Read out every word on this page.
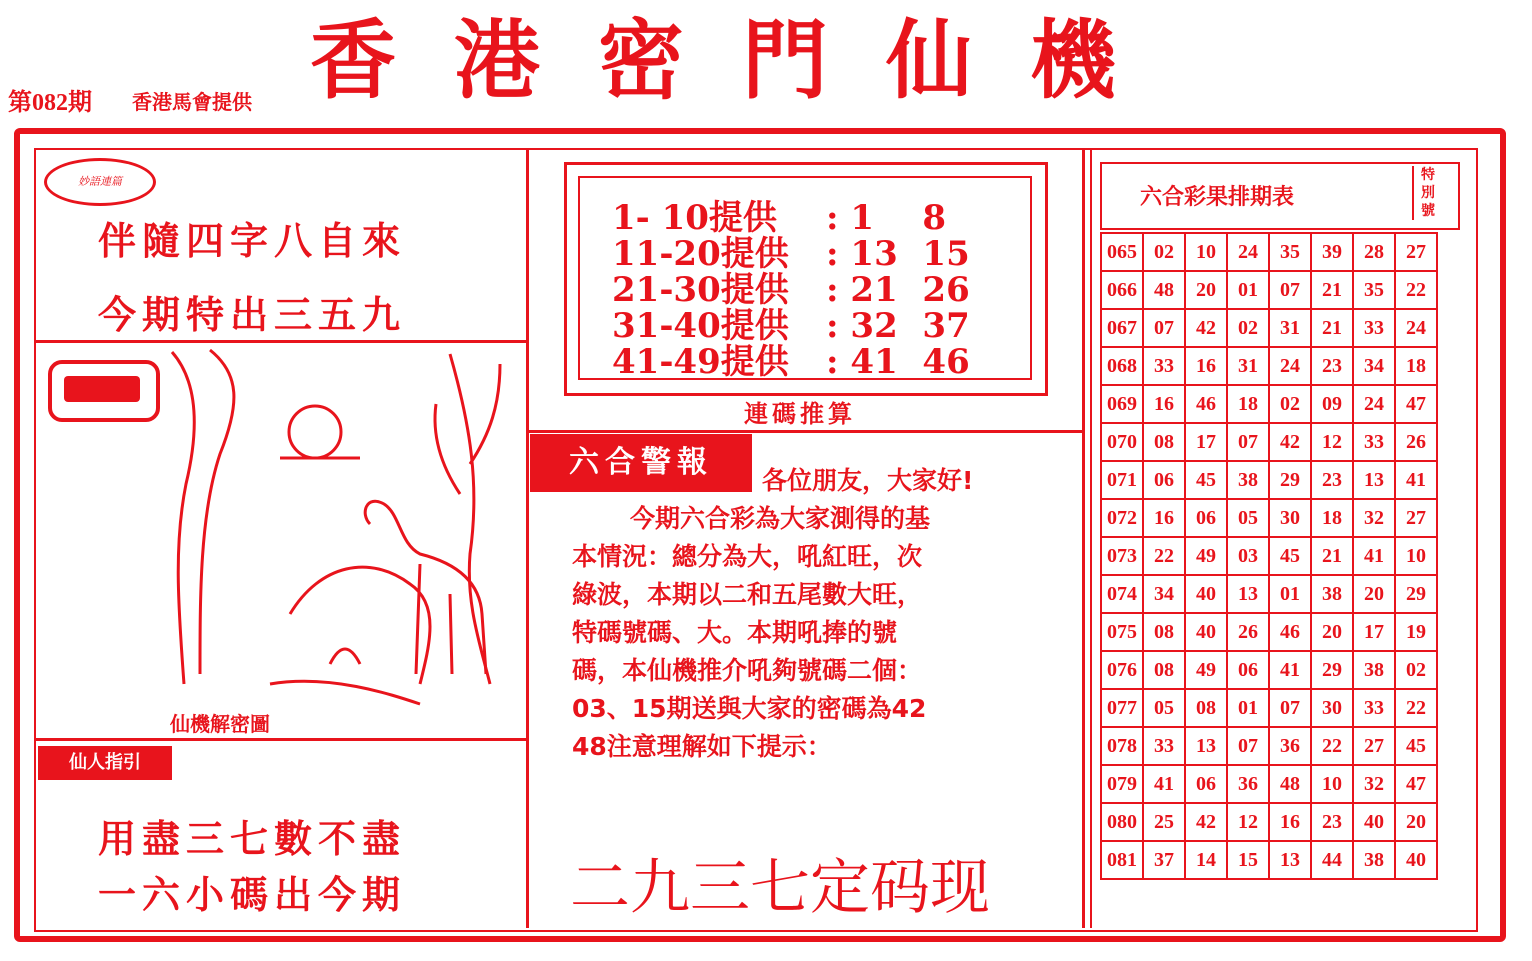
第082期 香港馬會提供 香港密門仙機
妙語連篇
伴隨四字八自來
今期特出三五九
仙機解密圖
仙人指引
用盡三七數不盡
一六小碼出今期
1- 10提供 : 1 8
11-20提供 : 13 15
21-30提供 : 21 26
31-40提供 : 32 37
41-49提供 : 41 46
連碼推算
六合警報
各位朋友，大家好!
今期六合彩為大家測得的基
本情況：總分為大，吼紅旺，次
綠波，本期以二和五尾數大旺，
特碼號碼、大。本期吼捧的號
碼，本仙機推介吼夠號碼二個：
03、15期送與大家的密碼為42
48注意理解如下提示：
二九三七定码现
六合彩果排期表
特別號
065	02	10	24	35	39	28	27
066	48	20	01	07	21	35	22
067	07	42	02	31	21	33	24
068	33	16	31	24	23	34	18
069	16	46	18	02	09	24	47
070	08	17	07	42	12	33	26
071	06	45	38	29	23	13	41
072	16	06	05	30	18	32	27
073	22	49	03	45	21	41	10
074	34	40	13	01	38	20	29
075	08	40	26	46	20	17	19
076	08	49	06	41	29	38	02
077	05	08	01	07	30	33	22
078	33	13	07	36	22	27	45
079	41	06	36	48	10	32	47
080	25	42	12	16	23	40	20
081	37	14	15	13	44	38	40
